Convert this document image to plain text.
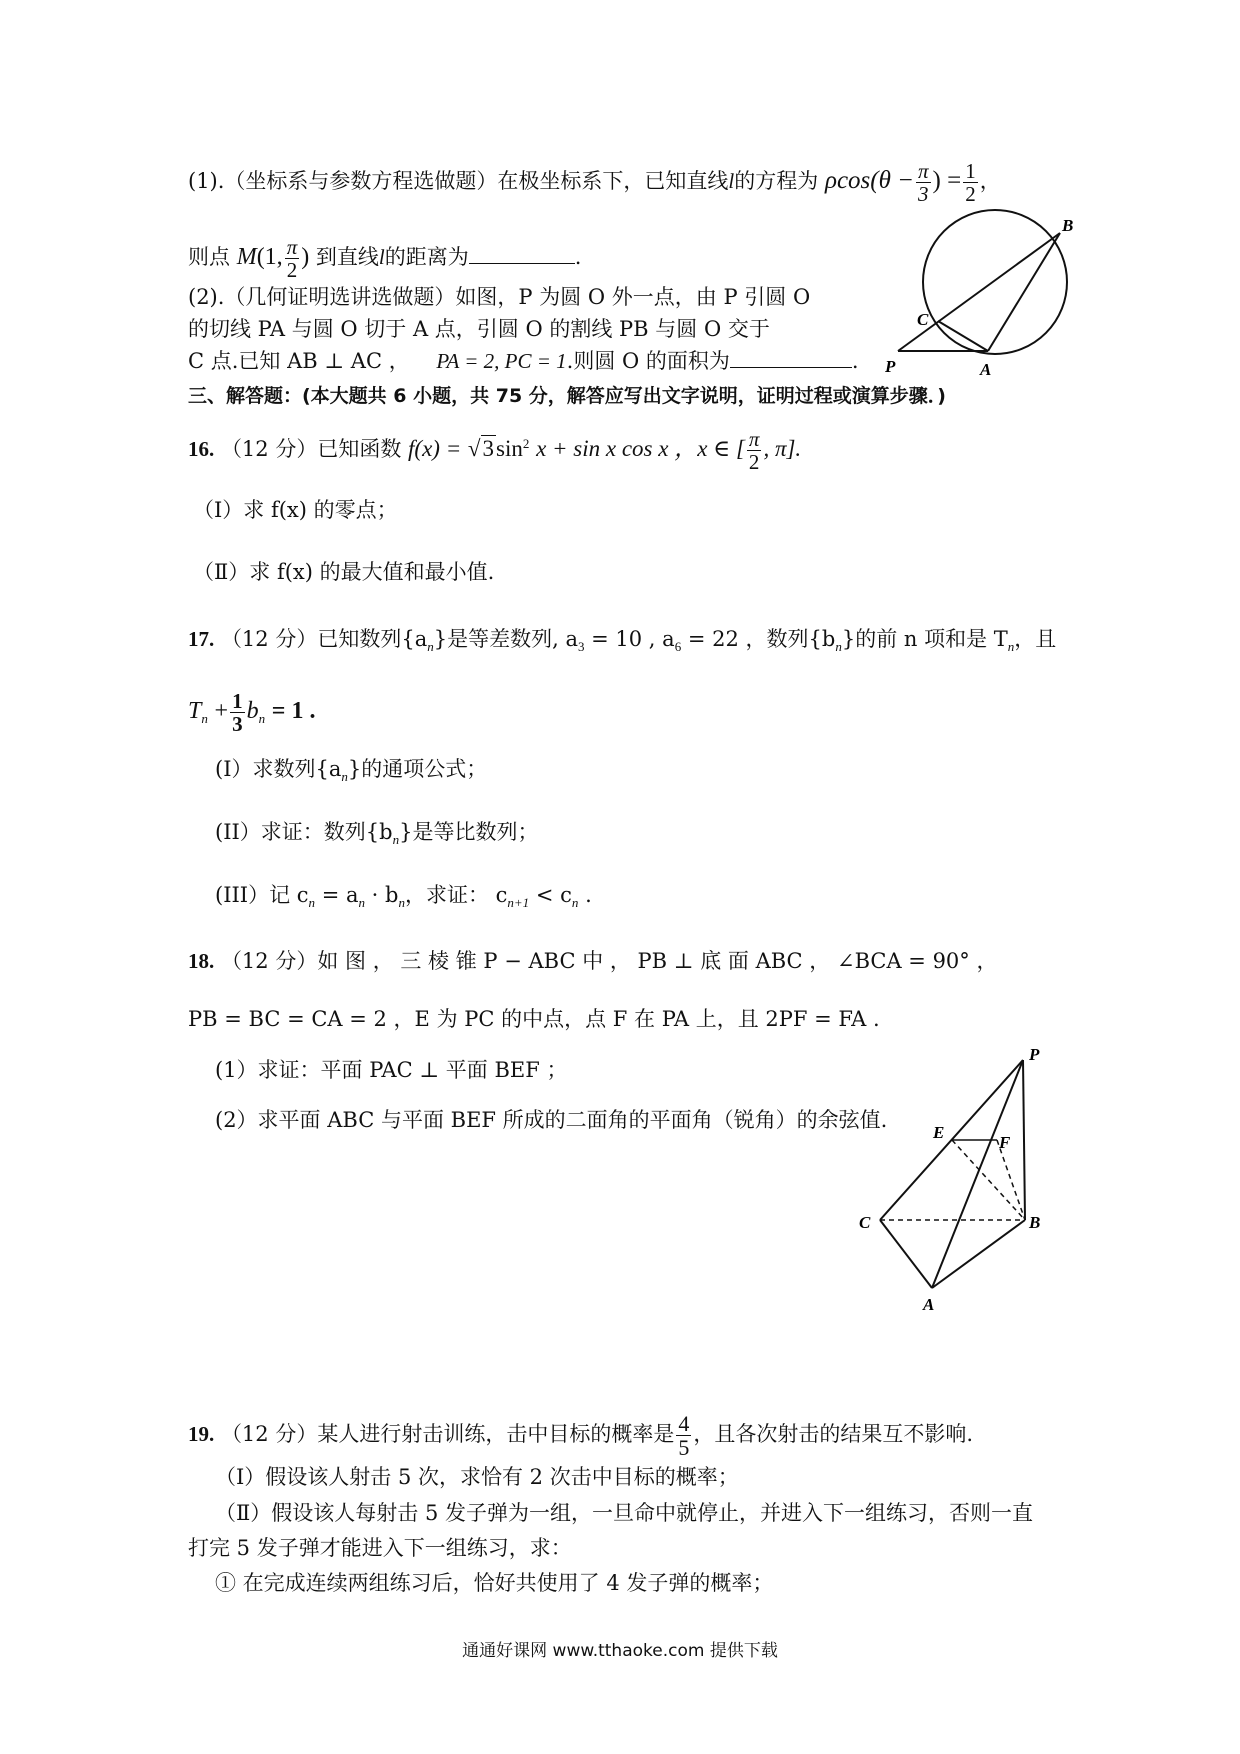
(1).（坐标系与参数方程选做题）在极坐标系下，已知直线l的方程为 $\rho\cos(\theta - \frac{\pi}{3}$ ) = $\frac{1}{2}$ ，
则点 M(1, $\frac{\pi}{2}$ ) 到直线l的距离为	.
(2).（几何证明选讲选做题）如图，P 为圆 O 外一点，由 P 引圆 O
的切线 PA 与圆 O 切于 A 点，引圆 O 的割线 PB 与圆 O 交于
C 点.已知 AB ⊥ AC ， PA = 2, PC = 1.则圆 O 的面积为	.
B
C
P	A
三、解答题：(本大题共 6 小题，共 75 分，解答应写出文字说明，证明过程或演算步骤．)
16. （12 分）已知函数 $f(x) = √3\sin^2$ x + sin x cos x ，x ∈ [ $\frac{\pi}{2}$ , π].
（Ⅰ）求 f(x) 的零点；
（Ⅱ）求 f(x) 的最大值和最小值.
17. （12 分）已知数列$\{a_n\}$是等差数列, $a_3 = 10$ , $a_6 = 22$ ，数列$\{b_n\}$的前 n 项和是 $T_n$，且
$T_n + \frac{1}{3} b_n = 1$ .
(I）求数列$\{a_n\}$的通项公式；
(II）求证：数列$\{b_n\}$是等比数列；
(III）记 $c_n = a_n \cdot b_n$，求证： $c_{n+1} < c_n$ .
18. （12 分）如 图 ， 三 棱 锥 P − ABC 中 ， PB ⊥ 底 面 ABC ， ∠BCA = 90° ，
PB = BC = CA = 2 ，E 为 PC 的中点，点 F 在 PA 上，且 2PF = FA .
(1）求证：平面 PAC ⊥ 平面 BEF ；
(2）求平面 ABC 与平面 BEF 所成的二面角的平面角（锐角）的余弦值.
P
E
F
C	B
A
19. （12 分）某人进行射击训练，击中目标的概率是 $\frac{4}{5}$ ，且各次射击的结果互不影响.
（Ⅰ）假设该人射击 5 次，求恰有 2 次击中目标的概率；
（Ⅱ）假设该人每射击 5 发子弹为一组，一旦命中就停止，并进入下一组练习，否则一直
打完 5 发子弹才能进入下一组练习，求：
① 在完成连续两组练习后，恰好共使用了 4 发子弹的概率；
通通好课网 www.tthaoke.com 提供下载
